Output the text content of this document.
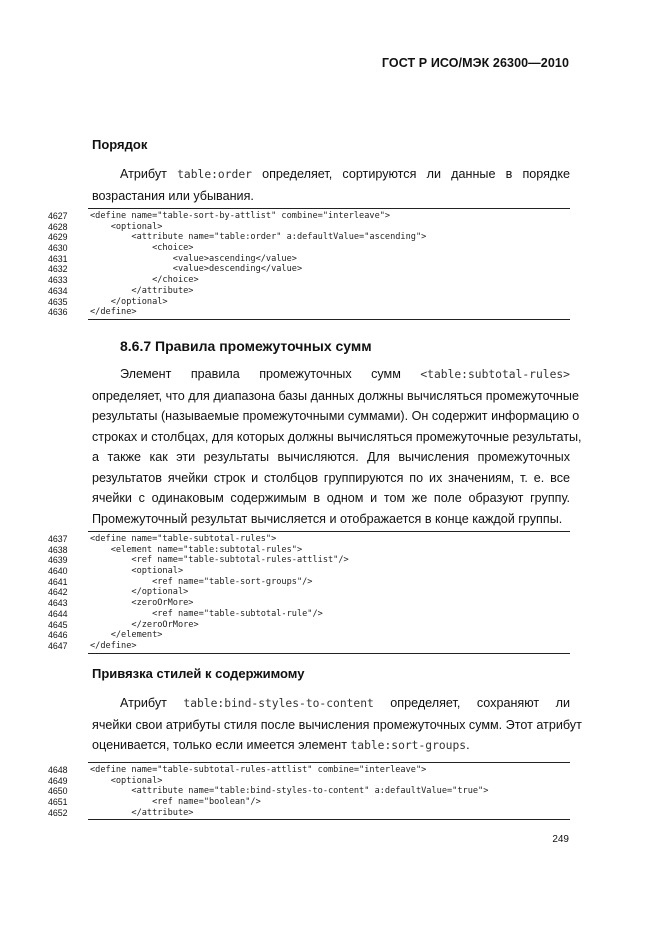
ГОСТ Р ИСО/МЭК 26300—2010
Порядок
Атрибут table:order определяет, сортируются ли данные в порядке
возрастания или убывания.
4627	<define name="table-sort-by-attlist" combine="interleave">
4628	<optional>
4629	<attribute name="table:order" a:defaultValue="ascending">
4630	<choice>
4631	<value>ascending</value>
4632	<value>descending</value>
4633	</choice>
4634	</attribute>
4635	</optional>
4636	</define>
8.6.7 Правила промежуточных сумм
Элемент правила промежуточных сумм <table:subtotal-rules>
определяет, что для диапазона базы данных должны вычисляться промежуточные
результаты (называемые промежуточными суммами). Он содержит информацию о
строках и столбцах, для которых должны вычисляться промежуточные результаты,
а также как эти результаты вычисляются. Для вычисления промежуточных
результатов ячейки строк и столбцов группируются по их значениям, т. е. все
ячейки с одинаковым содержимым в одном и том же поле образуют группу.
Промежуточный результат вычисляется и отображается в конце каждой группы.
4637	<define name="table-subtotal-rules">
4638	<element name="table:subtotal-rules">
4639	<ref name="table-subtotal-rules-attlist"/>
4640	<optional>
4641	<ref name="table-sort-groups"/>
4642	</optional>
4643	<zeroOrMore>
4644	<ref name="table-subtotal-rule"/>
4645	</zeroOrMore>
4646	</element>
4647	</define>
Привязка стилей к содержимому
Атрибут table:bind-styles-to-content определяет, сохраняют ли
ячейки свои атрибуты стиля после вычисления промежуточных сумм. Этот атрибут
оценивается, только если имеется элемент table:sort-groups.
4648	<define name="table-subtotal-rules-attlist" combine="interleave">
4649	<optional>
4650	<attribute name="table:bind-styles-to-content" a:defaultValue="true">
4651	<ref name="boolean"/>
4652	</attribute>
249
